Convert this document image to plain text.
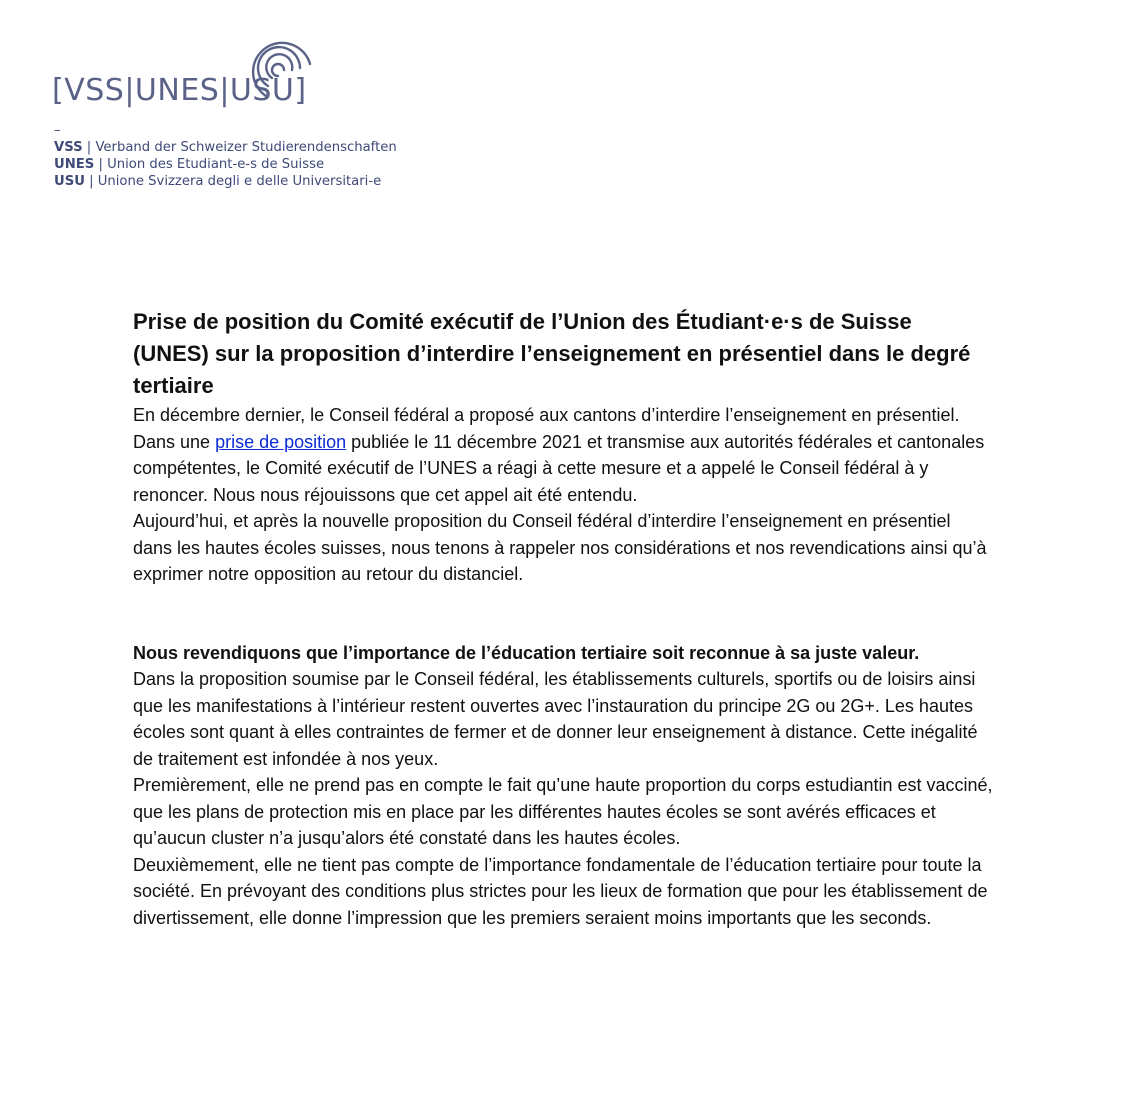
[VSS|UNES|USU]
–
VSS | Verband der Schweizer Studierendenschaften
UNES | Union des Etudiant-e-s de Suisse
USU | Unione Svizzera degli e delle Universitari-e
Prise de position du Comité exécutif de l’Union des Étudiant·e·s de Suisse (UNES) sur la proposition d’interdire l’enseignement en présentiel dans le degré tertiaire

En décembre dernier, le Conseil fédéral a proposé aux cantons d’interdire l’enseignement en présentiel. Dans une prise de position publiée le 11 décembre 2021 et transmise aux autorités fédérales et cantonales compétentes, le Comité exécutif de l’UNES a réagi à cette mesure et a appelé le Conseil fédéral à y renoncer. Nous nous réjouissons que cet appel ait été entendu.

Aujourd’hui, et après la nouvelle proposition du Conseil fédéral d’interdire l’enseignement en présentiel dans les hautes écoles suisses, nous tenons à rappeler nos considérations et nos revendications ainsi qu’à exprimer notre opposition au retour du distanciel.

Nous revendiquons que l’importance de l’éducation tertiaire soit reconnue à sa juste valeur.

Dans la proposition soumise par le Conseil fédéral, les établissements culturels, sportifs ou de loisirs ainsi que les manifestations à l’intérieur restent ouvertes avec l’instauration du principe 2G ou 2G+. Les hautes écoles sont quant à elles contraintes de fermer et de donner leur enseignement à distance. Cette inégalité de traitement est infondée à nos yeux.

Premièrement, elle ne prend pas en compte le fait qu’une haute proportion du corps estudiantin est vacciné, que les plans de protection mis en place par les différentes hautes écoles se sont avérés efficaces et qu’aucun cluster n’a jusqu’alors été constaté dans les hautes écoles.

Deuxièmement, elle ne tient pas compte de l’importance fondamentale de l’éducation tertiaire pour toute la société. En prévoyant des conditions plus strictes pour les lieux de formation que pour les établissement de divertissement, elle donne l’impression que les premiers seraient moins importants que les seconds.
